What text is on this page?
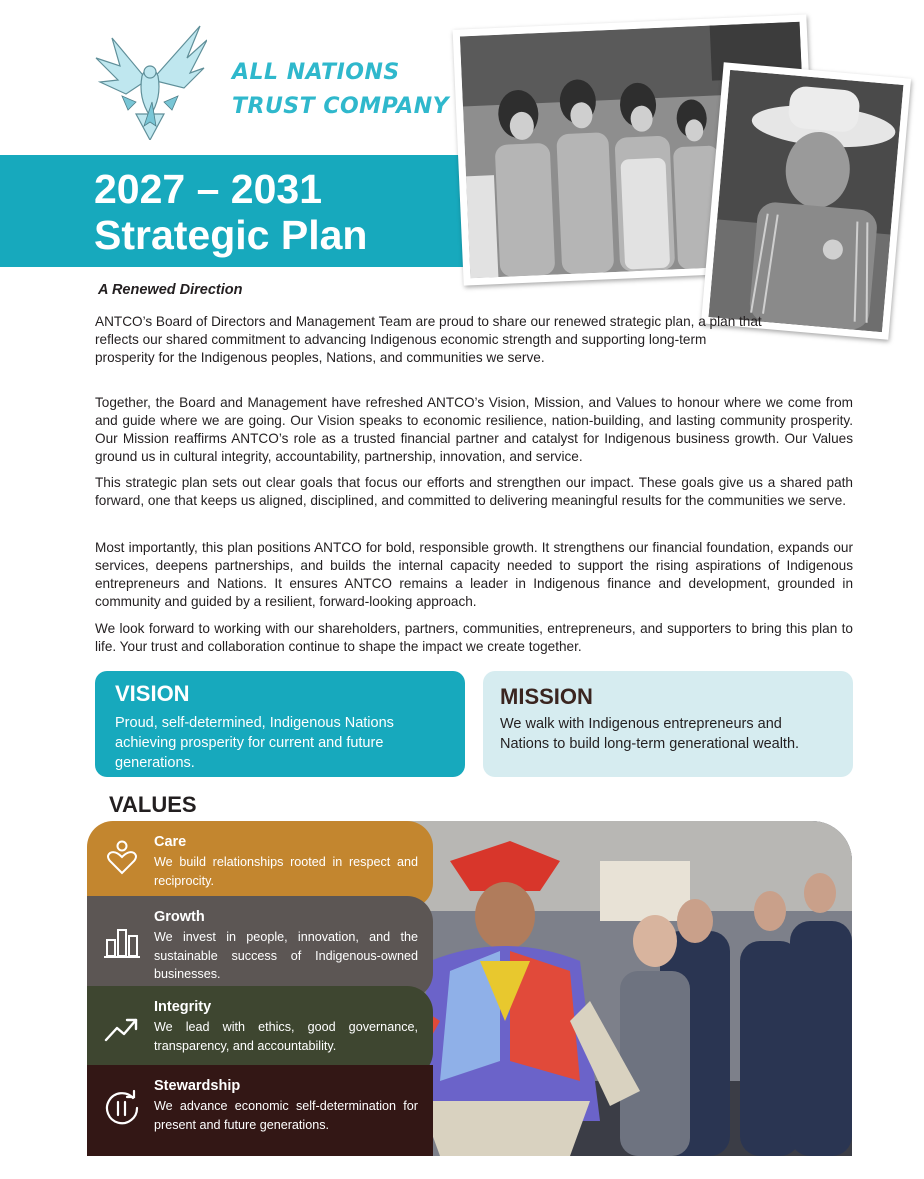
ALL NATIONS
TRUST COMPANY
2027 – 2031
Strategic Plan
A Renewed Direction

ANTCO’s Board of Directors and Management Team are proud to share our renewed strategic plan, a plan that reflects our shared commitment to advancing Indigenous economic strength and supporting long-term prosperity for the Indigenous peoples, Nations, and communities we serve.

Together, the Board and Management have refreshed ANTCO’s Vision, Mission, and Values to honour where we come from and guide where we are going. Our Vision speaks to economic resilience, nation-building, and lasting community prosperity. Our Mission reaffirms ANTCO’s role as a trusted financial partner and catalyst for Indigenous business growth. Our Values ground us in cultural integrity, accountability, partnership, innovation, and service.

This strategic plan sets out clear goals that focus our efforts and strengthen our impact. These goals give us a shared path forward, one that keeps us aligned, disciplined, and committed to delivering meaningful results for the communities we serve.

Most importantly, this plan positions ANTCO for bold, responsible growth. It strengthens our financial foundation, expands our services, deepens partnerships, and builds the internal capacity needed to support the rising aspirations of Indigenous entrepreneurs and Nations. It ensures ANTCO remains a leader in Indigenous finance and development, grounded in community and guided by a resilient, forward-looking approach.

We look forward to working with our shareholders, partners, communities, entrepreneurs, and supporters to bring this plan to life. Your trust and collaboration continue to shape the impact we create together.

VISION
Proud, self-determined, Indigenous Nations achieving prosperity for current and future generations.
MISSION
We walk with Indigenous entrepreneurs and Nations to build long-term generational wealth.
VALUES
Care
We build relationships rooted in respect and reciprocity.
Growth
We invest in people, innovation, and the sustainable success of Indigenous-owned businesses.
Integrity
We lead with ethics, good governance, transparency, and accountability.
Stewardship
We advance economic self-determination for present and future generations.
